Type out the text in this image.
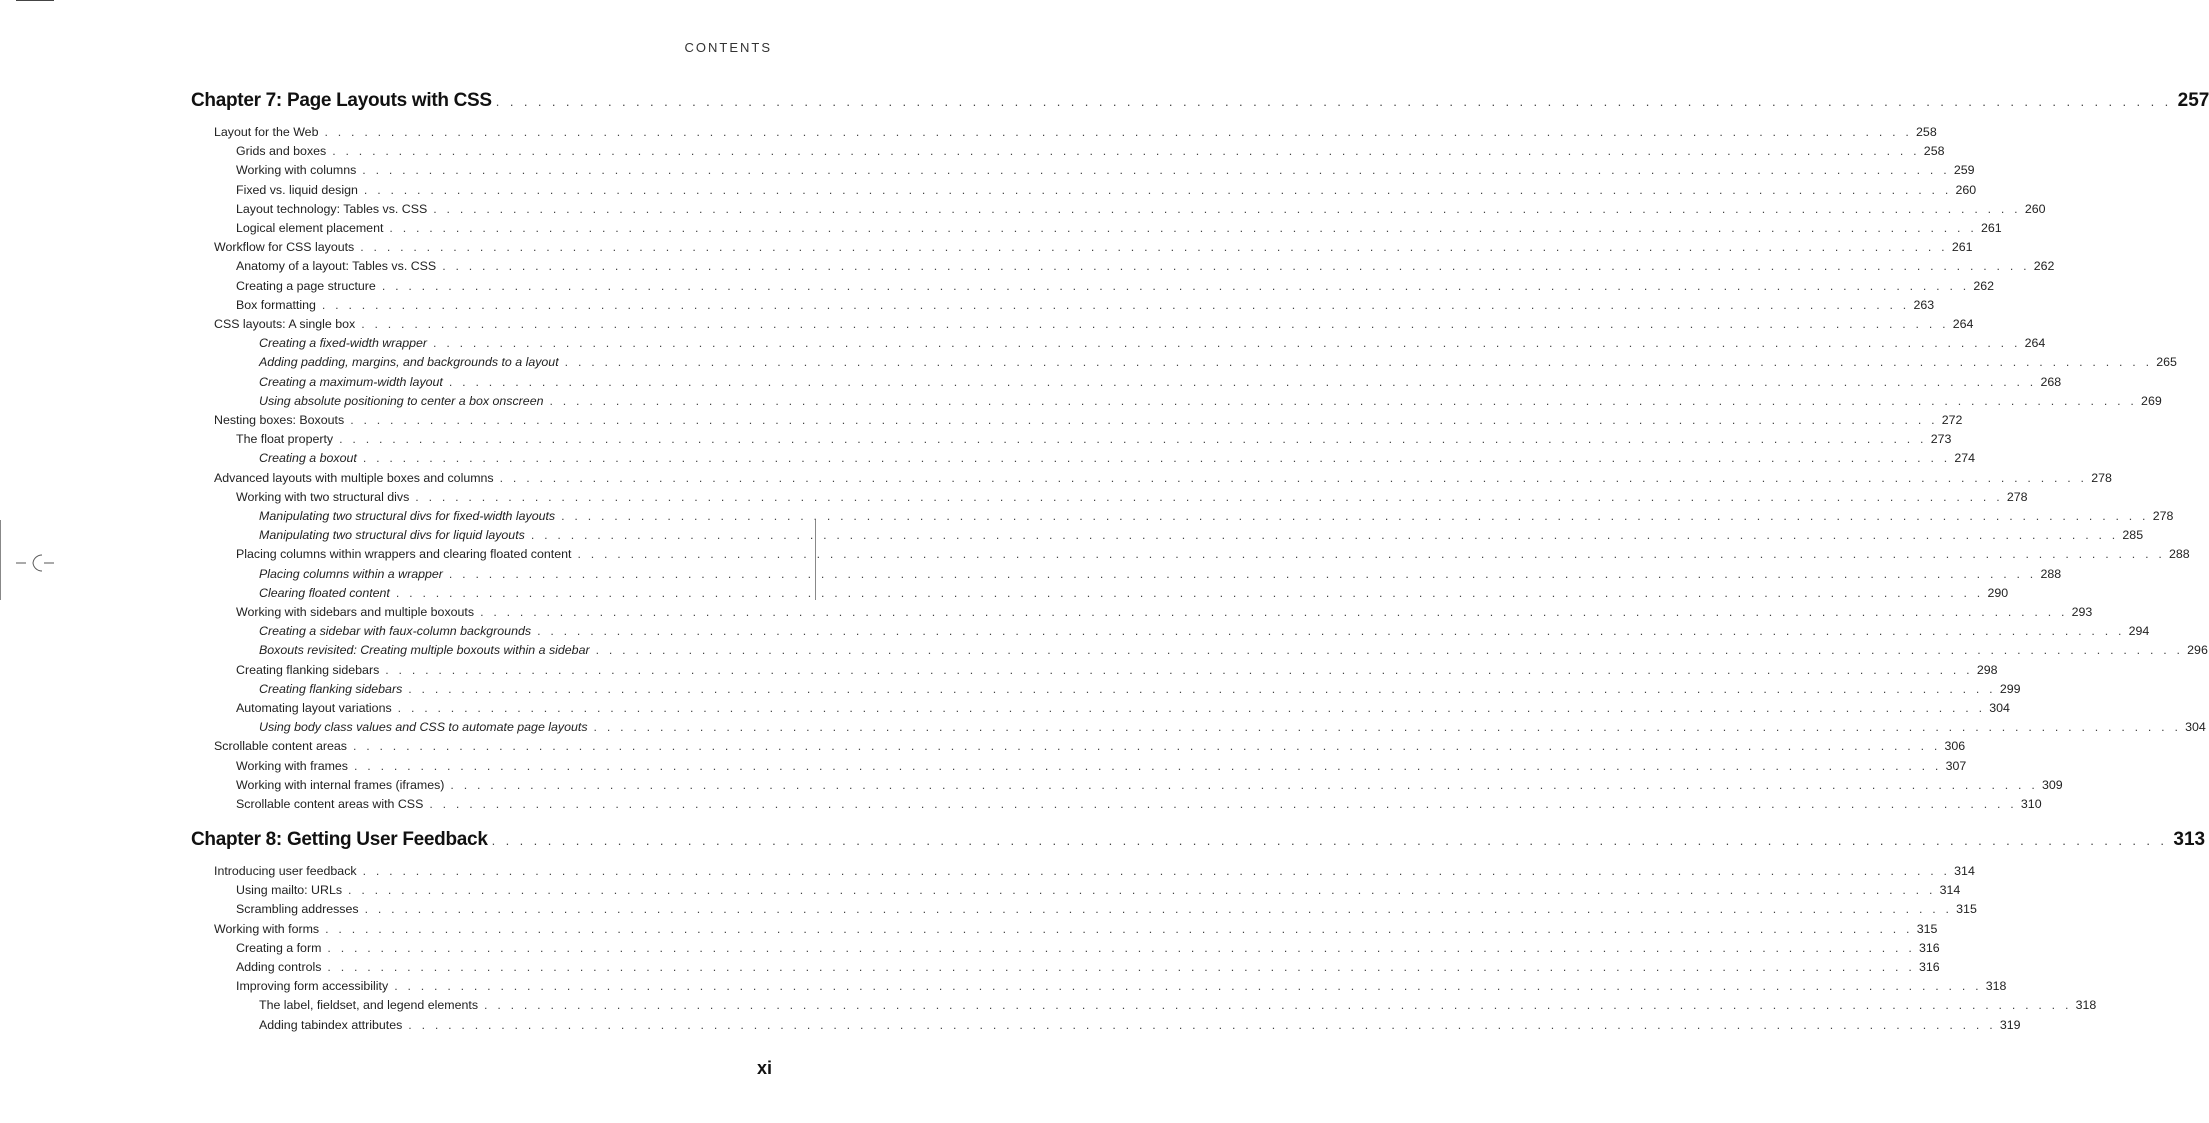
CONTENTS
Chapter 7: Page Layouts with CSS . . . . . . . . . . . . . . . . . . . . . . . . . . . . . . . . . . . . . . . . . . . . . . . . . . . . . . . . . . . . . . . . . . . . . . . . . . . . . . . . . . . . . . . . . . . . . . . . . . . . . . . . . . . . . . . . . . . . . . . . 257
Layout for the Web . . . . . . . . . . . . . . . . . . . . . . . . . . . . . . . . . . . . . . . . . . . . . . . . . . . . . . . . . . . . . . . . . . . . . . . . . . . . . . . . . . . . . . . . . . . . . . . . . . . . . . . . . . . . . . . . . . . . . . . . 258
Grids and boxes . . . . . . . . . . . . . . . . . . . . . . . . . . . . . . . . . . . . . . . . . . . . . . . . . . . . . . . . . . . . . . . . . . . . . . . . . . . . . . . . . . . . . . . . . . . . . . . . . . . . . . . . . . . . . . . . . . . . . . . . 258
Working with columns . . . . . . . . . . . . . . . . . . . . . . . . . . . . . . . . . . . . . . . . . . . . . . . . . . . . . . . . . . . . . . . . . . . . . . . . . . . . . . . . . . . . . . . . . . . . . . . . . . . . . . . . . . . . . . . . . . . . . . . . 259
Fixed vs. liquid design . . . . . . . . . . . . . . . . . . . . . . . . . . . . . . . . . . . . . . . . . . . . . . . . . . . . . . . . . . . . . . . . . . . . . . . . . . . . . . . . . . . . . . . . . . . . . . . . . . . . . . . . . . . . . . . . . . . . . . . . 260
Layout technology: Tables vs. CSS . . . . . . . . . . . . . . . . . . . . . . . . . . . . . . . . . . . . . . . . . . . . . . . . . . . . . . . . . . . . . . . . . . . . . . . . . . . . . . . . . . . . . . . . . . . . . . . . . . . . . . . . . . . . . . . . . . . . . . . . 260
Logical element placement . . . . . . . . . . . . . . . . . . . . . . . . . . . . . . . . . . . . . . . . . . . . . . . . . . . . . . . . . . . . . . . . . . . . . . . . . . . . . . . . . . . . . . . . . . . . . . . . . . . . . . . . . . . . . . . . . . . . . . . . 261
Workflow for CSS layouts . . . . . . . . . . . . . . . . . . . . . . . . . . . . . . . . . . . . . . . . . . . . . . . . . . . . . . . . . . . . . . . . . . . . . . . . . . . . . . . . . . . . . . . . . . . . . . . . . . . . . . . . . . . . . . . . . . . . . . . . 261
Anatomy of a layout: Tables vs. CSS . . . . . . . . . . . . . . . . . . . . . . . . . . . . . . . . . . . . . . . . . . . . . . . . . . . . . . . . . . . . . . . . . . . . . . . . . . . . . . . . . . . . . . . . . . . . . . . . . . . . . . . . . . . . . . . . . . . . . . . . 262
Creating a page structure . . . . . . . . . . . . . . . . . . . . . . . . . . . . . . . . . . . . . . . . . . . . . . . . . . . . . . . . . . . . . . . . . . . . . . . . . . . . . . . . . . . . . . . . . . . . . . . . . . . . . . . . . . . . . . . . . . . . . . . . 262
Box formatting . . . . . . . . . . . . . . . . . . . . . . . . . . . . . . . . . . . . . . . . . . . . . . . . . . . . . . . . . . . . . . . . . . . . . . . . . . . . . . . . . . . . . . . . . . . . . . . . . . . . . . . . . . . . . . . . . . . . . . . . 263
CSS layouts: A single box . . . . . . . . . . . . . . . . . . . . . . . . . . . . . . . . . . . . . . . . . . . . . . . . . . . . . . . . . . . . . . . . . . . . . . . . . . . . . . . . . . . . . . . . . . . . . . . . . . . . . . . . . . . . . . . . . . . . . . . . 264
Creating a fixed-width wrapper . . . . . . . . . . . . . . . . . . . . . . . . . . . . . . . . . . . . . . . . . . . . . . . . . . . . . . . . . . . . . . . . . . . . . . . . . . . . . . . . . . . . . . . . . . . . . . . . . . . . . . . . . . . . . . . . . . . . . . . . 264
Adding padding, margins, and backgrounds to a layout . . . . . . . . . . . . . . . . . . . . . . . . . . . . . . . . . . . . . . . . . . . . . . . . . . . . . . . . . . . . . . . . . . . . . . . . . . . . . . . . . . . . . . . . . . . . . . . . . . . . . . . . . . . . . . . . . . . . . . . . 265
Creating a maximum-width layout . . . . . . . . . . . . . . . . . . . . . . . . . . . . . . . . . . . . . . . . . . . . . . . . . . . . . . . . . . . . . . . . . . . . . . . . . . . . . . . . . . . . . . . . . . . . . . . . . . . . . . . . . . . . . . . . . . . . . . . . 268
Using absolute positioning to center a box onscreen . . . . . . . . . . . . . . . . . . . . . . . . . . . . . . . . . . . . . . . . . . . . . . . . . . . . . . . . . . . . . . . . . . . . . . . . . . . . . . . . . . . . . . . . . . . . . . . . . . . . . . . . . . . . . . . . . . . . . . . . 269
Nesting boxes: Boxouts . . . . . . . . . . . . . . . . . . . . . . . . . . . . . . . . . . . . . . . . . . . . . . . . . . . . . . . . . . . . . . . . . . . . . . . . . . . . . . . . . . . . . . . . . . . . . . . . . . . . . . . . . . . . . . . . . . . . . . . . 272
The float property . . . . . . . . . . . . . . . . . . . . . . . . . . . . . . . . . . . . . . . . . . . . . . . . . . . . . . . . . . . . . . . . . . . . . . . . . . . . . . . . . . . . . . . . . . . . . . . . . . . . . . . . . . . . . . . . . . . . . . . . 273
Creating a boxout . . . . . . . . . . . . . . . . . . . . . . . . . . . . . . . . . . . . . . . . . . . . . . . . . . . . . . . . . . . . . . . . . . . . . . . . . . . . . . . . . . . . . . . . . . . . . . . . . . . . . . . . . . . . . . . . . . . . . . . . 274
Advanced layouts with multiple boxes and columns . . . . . . . . . . . . . . . . . . . . . . . . . . . . . . . . . . . . . . . . . . . . . . . . . . . . . . . . . . . . . . . . . . . . . . . . . . . . . . . . . . . . . . . . . . . . . . . . . . . . . . . . . . . . . . . . . . . . . . . . 278
Working with two structural divs . . . . . . . . . . . . . . . . . . . . . . . . . . . . . . . . . . . . . . . . . . . . . . . . . . . . . . . . . . . . . . . . . . . . . . . . . . . . . . . . . . . . . . . . . . . . . . . . . . . . . . . . . . . . . . . . . . . . . . . . 278
Manipulating two structural divs for fixed-width layouts . . . . . . . . . . . . . . . . . . . . . . . . . . . . . . . . . . . . . . . . . . . . . . . . . . . . . . . . . . . . . . . . . . . . . . . . . . . . . . . . . . . . . . . . . . . . . . . . . . . . . . . . . . . . . . . . . . . . . . . . 278
Manipulating two structural divs for liquid layouts . . . . . . . . . . . . . . . . . . . . . . . . . . . . . . . . . . . . . . . . . . . . . . . . . . . . . . . . . . . . . . . . . . . . . . . . . . . . . . . . . . . . . . . . . . . . . . . . . . . . . . . . . . . . . . . . . . . . . . . . 285
Placing columns within wrappers and clearing floated content . . . . . . . . . . . . . . . . . . . . . . . . . . . . . . . . . . . . . . . . . . . . . . . . . . . . . . . . . . . . . . . . . . . . . . . . . . . . . . . . . . . . . . . . . . . . . . . . . . . . . . . . . . . . . . . . . . . . . . . . 288
Placing columns within a wrapper . . . . . . . . . . . . . . . . . . . . . . . . . . . . . . . . . . . . . . . . . . . . . . . . . . . . . . . . . . . . . . . . . . . . . . . . . . . . . . . . . . . . . . . . . . . . . . . . . . . . . . . . . . . . . . . . . . . . . . . . 288
Clearing floated content . . . . . . . . . . . . . . . . . . . . . . . . . . . . . . . . . . . . . . . . . . . . . . . . . . . . . . . . . . . . . . . . . . . . . . . . . . . . . . . . . . . . . . . . . . . . . . . . . . . . . . . . . . . . . . . . . . . . . . . . 290
Working with sidebars and multiple boxouts . . . . . . . . . . . . . . . . . . . . . . . . . . . . . . . . . . . . . . . . . . . . . . . . . . . . . . . . . . . . . . . . . . . . . . . . . . . . . . . . . . . . . . . . . . . . . . . . . . . . . . . . . . . . . . . . . . . . . . . . 293
Creating a sidebar with faux-column backgrounds . . . . . . . . . . . . . . . . . . . . . . . . . . . . . . . . . . . . . . . . . . . . . . . . . . . . . . . . . . . . . . . . . . . . . . . . . . . . . . . . . . . . . . . . . . . . . . . . . . . . . . . . . . . . . . . . . . . . . . . . 294
Boxouts revisited: Creating multiple boxouts within a sidebar . . . . . . . . . . . . . . . . . . . . . . . . . . . . . . . . . . . . . . . . . . . . . . . . . . . . . . . . . . . . . . . . . . . . . . . . . . . . . . . . . . . . . . . . . . . . . . . . . . . . . . . . . . . . . . . . . . . . . . . . 296
Creating flanking sidebars . . . . . . . . . . . . . . . . . . . . . . . . . . . . . . . . . . . . . . . . . . . . . . . . . . . . . . . . . . . . . . . . . . . . . . . . . . . . . . . . . . . . . . . . . . . . . . . . . . . . . . . . . . . . . . . . . . . . . . . . 298
Creating flanking sidebars . . . . . . . . . . . . . . . . . . . . . . . . . . . . . . . . . . . . . . . . . . . . . . . . . . . . . . . . . . . . . . . . . . . . . . . . . . . . . . . . . . . . . . . . . . . . . . . . . . . . . . . . . . . . . . . . . . . . . . . . 299
Automating layout variations . . . . . . . . . . . . . . . . . . . . . . . . . . . . . . . . . . . . . . . . . . . . . . . . . . . . . . . . . . . . . . . . . . . . . . . . . . . . . . . . . . . . . . . . . . . . . . . . . . . . . . . . . . . . . . . . . . . . . . . . 304
Using body class values and CSS to automate page layouts . . . . . . . . . . . . . . . . . . . . . . . . . . . . . . . . . . . . . . . . . . . . . . . . . . . . . . . . . . . . . . . . . . . . . . . . . . . . . . . . . . . . . . . . . . . . . . . . . . . . . . . . . . . . . . . . . . . . . . . . 304
Scrollable content areas . . . . . . . . . . . . . . . . . . . . . . . . . . . . . . . . . . . . . . . . . . . . . . . . . . . . . . . . . . . . . . . . . . . . . . . . . . . . . . . . . . . . . . . . . . . . . . . . . . . . . . . . . . . . . . . . . . . . . . . . 306
Working with frames . . . . . . . . . . . . . . . . . . . . . . . . . . . . . . . . . . . . . . . . . . . . . . . . . . . . . . . . . . . . . . . . . . . . . . . . . . . . . . . . . . . . . . . . . . . . . . . . . . . . . . . . . . . . . . . . . . . . . . . . 307
Working with internal frames (iframes) . . . . . . . . . . . . . . . . . . . . . . . . . . . . . . . . . . . . . . . . . . . . . . . . . . . . . . . . . . . . . . . . . . . . . . . . . . . . . . . . . . . . . . . . . . . . . . . . . . . . . . . . . . . . . . . . . . . . . . . . 309
Scrollable content areas with CSS . . . . . . . . . . . . . . . . . . . . . . . . . . . . . . . . . . . . . . . . . . . . . . . . . . . . . . . . . . . . . . . . . . . . . . . . . . . . . . . . . . . . . . . . . . . . . . . . . . . . . . . . . . . . . . . . . . . . . . . . 310
Chapter 8: Getting User Feedback . . . . . . . . . . . . . . . . . . . . . . . . . . . . . . . . . . . . . . . . . . . . . . . . . . . . . . . . . . . . . . . . . . . . . . . . . . . . . . . . . . . . . . . . . . . . . . . . . . . . . . . . . . . . . . . . . . . . . . . . 313
Introducing user feedback . . . . . . . . . . . . . . . . . . . . . . . . . . . . . . . . . . . . . . . . . . . . . . . . . . . . . . . . . . . . . . . . . . . . . . . . . . . . . . . . . . . . . . . . . . . . . . . . . . . . . . . . . . . . . . . . . . . . . . . . 314
Using mailto: URLs . . . . . . . . . . . . . . . . . . . . . . . . . . . . . . . . . . . . . . . . . . . . . . . . . . . . . . . . . . . . . . . . . . . . . . . . . . . . . . . . . . . . . . . . . . . . . . . . . . . . . . . . . . . . . . . . . . . . . . . . 314
Scrambling addresses . . . . . . . . . . . . . . . . . . . . . . . . . . . . . . . . . . . . . . . . . . . . . . . . . . . . . . . . . . . . . . . . . . . . . . . . . . . . . . . . . . . . . . . . . . . . . . . . . . . . . . . . . . . . . . . . . . . . . . . . 315
Working with forms . . . . . . . . . . . . . . . . . . . . . . . . . . . . . . . . . . . . . . . . . . . . . . . . . . . . . . . . . . . . . . . . . . . . . . . . . . . . . . . . . . . . . . . . . . . . . . . . . . . . . . . . . . . . . . . . . . . . . . . . 315
Creating a form . . . . . . . . . . . . . . . . . . . . . . . . . . . . . . . . . . . . . . . . . . . . . . . . . . . . . . . . . . . . . . . . . . . . . . . . . . . . . . . . . . . . . . . . . . . . . . . . . . . . . . . . . . . . . . . . . . . . . . . . 316
Adding controls . . . . . . . . . . . . . . . . . . . . . . . . . . . . . . . . . . . . . . . . . . . . . . . . . . . . . . . . . . . . . . . . . . . . . . . . . . . . . . . . . . . . . . . . . . . . . . . . . . . . . . . . . . . . . . . . . . . . . . . . 316
Improving form accessibility . . . . . . . . . . . . . . . . . . . . . . . . . . . . . . . . . . . . . . . . . . . . . . . . . . . . . . . . . . . . . . . . . . . . . . . . . . . . . . . . . . . . . . . . . . . . . . . . . . . . . . . . . . . . . . . . . . . . . . . . 318
The label, fieldset, and legend elements . . . . . . . . . . . . . . . . . . . . . . . . . . . . . . . . . . . . . . . . . . . . . . . . . . . . . . . . . . . . . . . . . . . . . . . . . . . . . . . . . . . . . . . . . . . . . . . . . . . . . . . . . . . . . . . . . . . . . . . . 318
Adding tabindex attributes . . . . . . . . . . . . . . . . . . . . . . . . . . . . . . . . . . . . . . . . . . . . . . . . . . . . . . . . . . . . . . . . . . . . . . . . . . . . . . . . . . . . . . . . . . . . . . . . . . . . . . . . . . . . . . . . . . . . . . . . 319
xi
